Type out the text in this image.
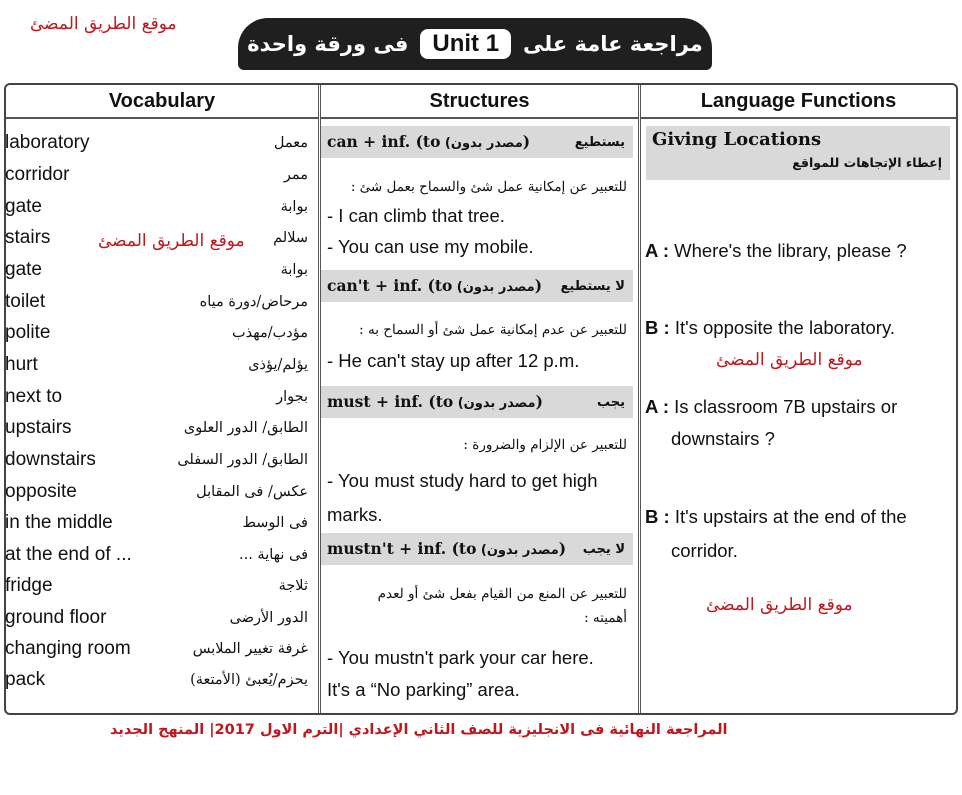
موقع الطريق المضئ
موقع الطريق المضئ
موقع الطريق المضئ
موقع الطريق المضئ
مراجعة عامة على
Unit 1
فى ورقة واحدة
Vocabulary	Structures	Language Functions
laboratory	معمل
corridor	ممر
gate	بوابة
stairs	سلالم
gate	بوابة
toilet	مرحاض/دورة مياه
polite	مؤدب/مهذب
hurt	يؤلم/يؤذى
next to	بجوار
upstairs	الطابق/ الدور العلوى
downstairs	الطابق/ الدور السفلى
opposite	عكس/ فى المقابل
in the middle	فى الوسط
at the end of ...	فى نهاية ...
fridge	ثلاجة
ground floor	الدور الأرضى
changing room	غرفة تغيير الملابس
pack	يحزم/يُعبئ (الأمتعة)
can + inf. (to (مصدر بدون)	يستطيع
للتعبير عن إمكانية عمل شئ والسماح بعمل شئ :
- I can climb that tree.
- You can use my mobile.
can't + inf. (to (مصدر بدون) لا يستطيع
للتعبير عن عدم إمكانية عمل شئ أو السماح به :
- He can't stay up after 12 p.m.
must + inf. (to (مصدر بدون)	يجب
للتعبير عن الإلزام والضرورة :
- You must study hard to get high
marks.
mustn't + inf. (to (مصدر بدون) لا يجب
للتعبير عن المنع من القيام بفعل شئ أو لعدم
أهميته :
- You mustn't park your car here.
It's a “No parking” area.
Giving Locations
إعطاء الإتجاهات للمواقع
A : Where's the library, please ?
B : It's opposite the laboratory.
A : Is classroom 7B upstairs or
downstairs ?
B : It's upstairs at the end of the
corridor.
المراجعة النهائية فى الانجليزية للصف الثاني الإعدادي |الترم الاول 2017| المنهج الجديد
